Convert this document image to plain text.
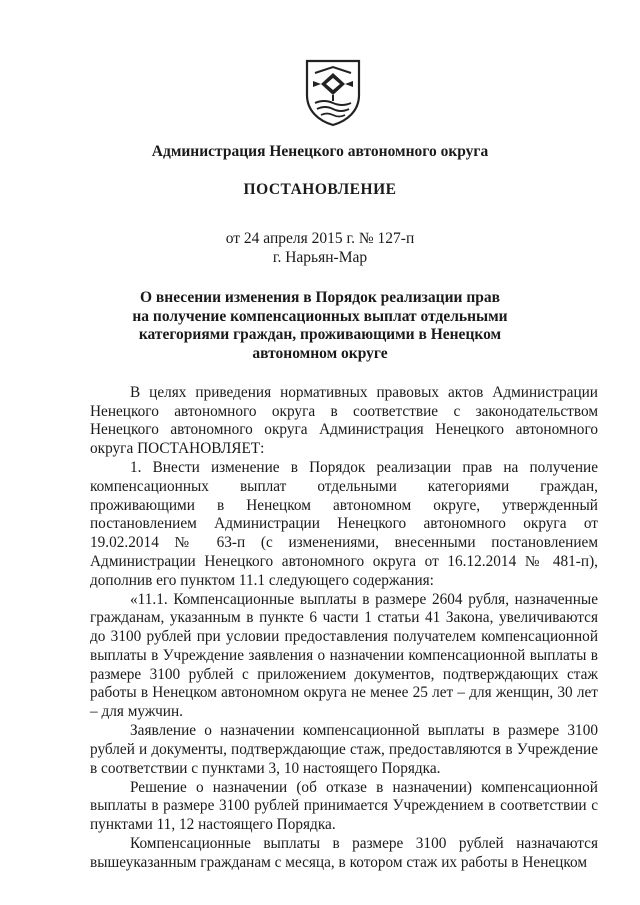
Администрация Ненецкого автономного округа
ПОСТАНОВЛЕНИЕ
от 24 апреля 2015 г. № 127-п
г. Нарьян-Мар
О внесении изменения в Порядок реализации прав
на получение компенсационных выплат отдельными
категориями граждан, проживающими в Ненецком
автономном округе

В целях приведения нормативных правовых актов Администрации Ненецкого автономного округа в соответствие с законодательством Ненецкого автономного округа Администрация Ненецкого автономного округа ПОСТАНОВЛЯЕТ:

1. Внести изменение в Порядок реализации прав на получение компенсационных выплат отдельными категориями граждан, проживающими в Ненецком автономном округе, утвержденный постановлением Администрации Ненецкого автономного округа от 19.02.2014 № 63-п (с изменениями, внесенными постановлением Администрации Ненецкого автономного округа от 16.12.2014 № 481-п), дополнив его пунктом 11.1 следующего содержания:

«11.1. Компенсационные выплаты в размере 2604 рубля, назначенные гражданам, указанным в пункте 6 части 1 статьи 41 Закона, увеличиваются до 3100 рублей при условии предоставления получателем компенсационной выплаты в Учреждение заявления о назначении компенсационной выплаты в размере 3100 рублей с приложением документов, подтверждающих стаж работы в Ненецком автономном округа не менее 25 лет – для женщин, 30 лет – для мужчин.

Заявление о назначении компенсационной выплаты в размере 3100 рублей и документы, подтверждающие стаж, предоставляются в Учреждение в соответствии с пунктами 3, 10 настоящего Порядка.

Решение о назначении (об отказе в назначении) компенсационной выплаты в размере 3100 рублей принимается Учреждением в соответствии с пунктами 11, 12 настоящего Порядка.

Компенсационные выплаты в размере 3100 рублей назначаются вышеуказанным гражданам с месяца, в котором стаж их работы в Ненецком
